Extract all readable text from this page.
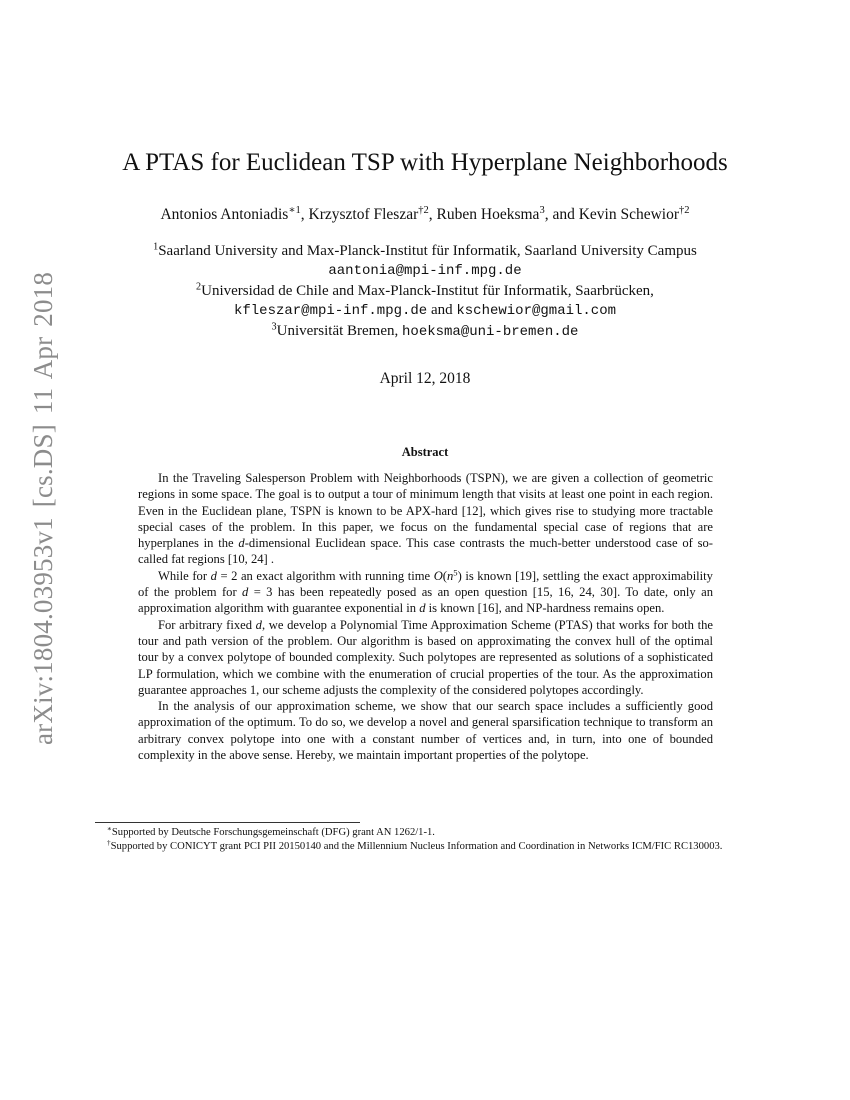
arXiv:1804.03953v1 [cs.DS] 11 Apr 2018
A PTAS for Euclidean TSP with Hyperplane Neighborhoods
Antonios Antoniadis$^{∗1}$, Krzysztof Fleszar$^{\dagger 2}$, Ruben Hoeksma$^3$, and Kevin Schewior$^{\dagger 2}$
$^1$Saarland University and Max-Planck-Institut für Informatik, Saarland University Campus
aantonia@mpi-inf.mpg.de
$^2$Universidad de Chile and Max-Planck-Institut für Informatik, Saarbrücken,
kfleszar@mpi-inf.mpg.de and kschewior@gmail.com
$^3$Universität Bremen, hoeksma@uni-bremen.de
April 12, 2018
Abstract

In the Traveling Salesperson Problem with Neighborhoods (TSPN), we are given a collection of geometric regions in some space. The goal is to output a tour of minimum length that visits at least one point in each region. Even in the Euclidean plane, TSPN is known to be APX-hard [12], which gives rise to studying more tractable special cases of the problem. In this paper, we focus on the fundamental special case of regions that are hyperplanes in the d-dimensional Euclidean space. This case contrasts the much-better understood case of so-called fat regions [10, 24] .

While for d = 2 an exact algorithm with running time $O(n^5)$ is known [19], settling the exact approximability of the problem for d = 3 has been repeatedly posed as an open question [15, 16, 24, 30]. To date, only an approximation algorithm with guarantee exponential in d is known [16], and NP-hardness remains open.

For arbitrary fixed d, we develop a Polynomial Time Approximation Scheme (PTAS) that works for both the tour and path version of the problem. Our algorithm is based on approximating the convex hull of the optimal tour by a convex polytope of bounded complexity. Such polytopes are represented as solutions of a sophisticated LP formulation, which we combine with the enumeration of crucial properties of the tour. As the approximation guarantee approaches 1, our scheme adjusts the complexity of the considered polytopes accordingly.

In the analysis of our approximation scheme, we show that our search space includes a sufficiently good approximation of the optimum. To do so, we develop a novel and general sparsification technique to transform an arbitrary convex polytope into one with a constant number of vertices and, in turn, into one of bounded complexity in the above sense. Hereby, we maintain important properties of the polytope.

∗Supported by Deutsche Forschungsgemeinschaft (DFG) grant AN 1262/1-1.

†Supported by CONICYT grant PCI PII 20150140 and the Millennium Nucleus Information and Coordination in Networks ICM/FIC RC130003.
